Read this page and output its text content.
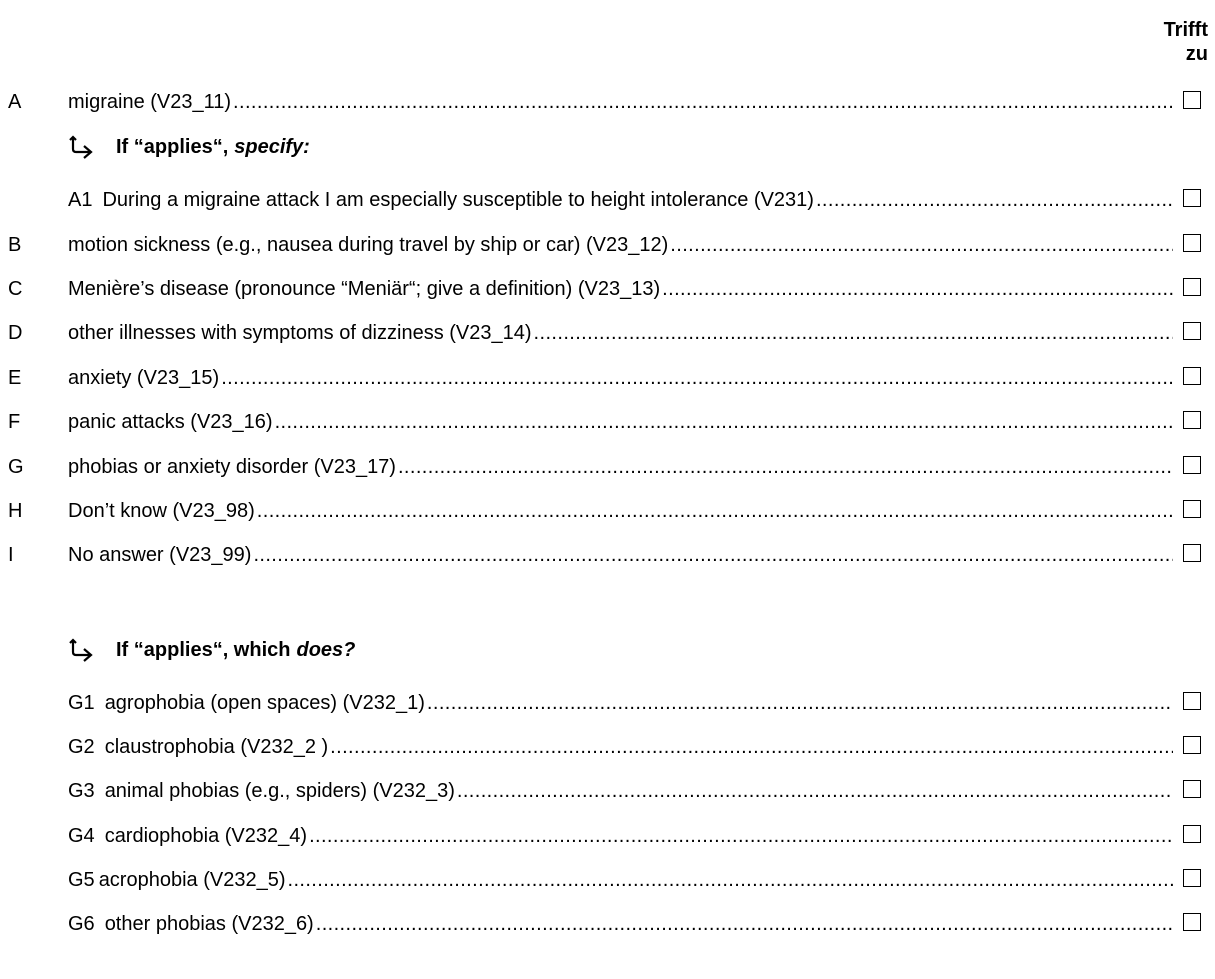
Trifft
zu
A migraine (V23_11)
.....
If “applies“, specify:
A1 During a migraine attack I am especially susceptible to height intolerance (V231)
.....
B motion sickness (e.g., nausea during travel by ship or car) (V23_12)
.....
C Menière’s disease (pronounce “Meniär“; give a definition) (V23_13)
.....
D other illnesses with symptoms of dizziness (V23_14)
.....
E anxiety (V23_15)
.....
F panic attacks (V23_16)
.....
G phobias or anxiety disorder (V23_17)
.....
H Don’t know (V23_98)
.....
I	No answer (V23_99)
.....
If “applies“, which does?
G1 agrophobia (open spaces) (V232_1)
.....
G2 claustrophobia (V232_2 )
.....
G3 animal phobias (e.g., spiders) (V232_3)
.....
G4 cardiophobia (V232_4)
.....
G5 acrophobia (V232_5)
.....
G6 other phobias (V232_6)
.....
